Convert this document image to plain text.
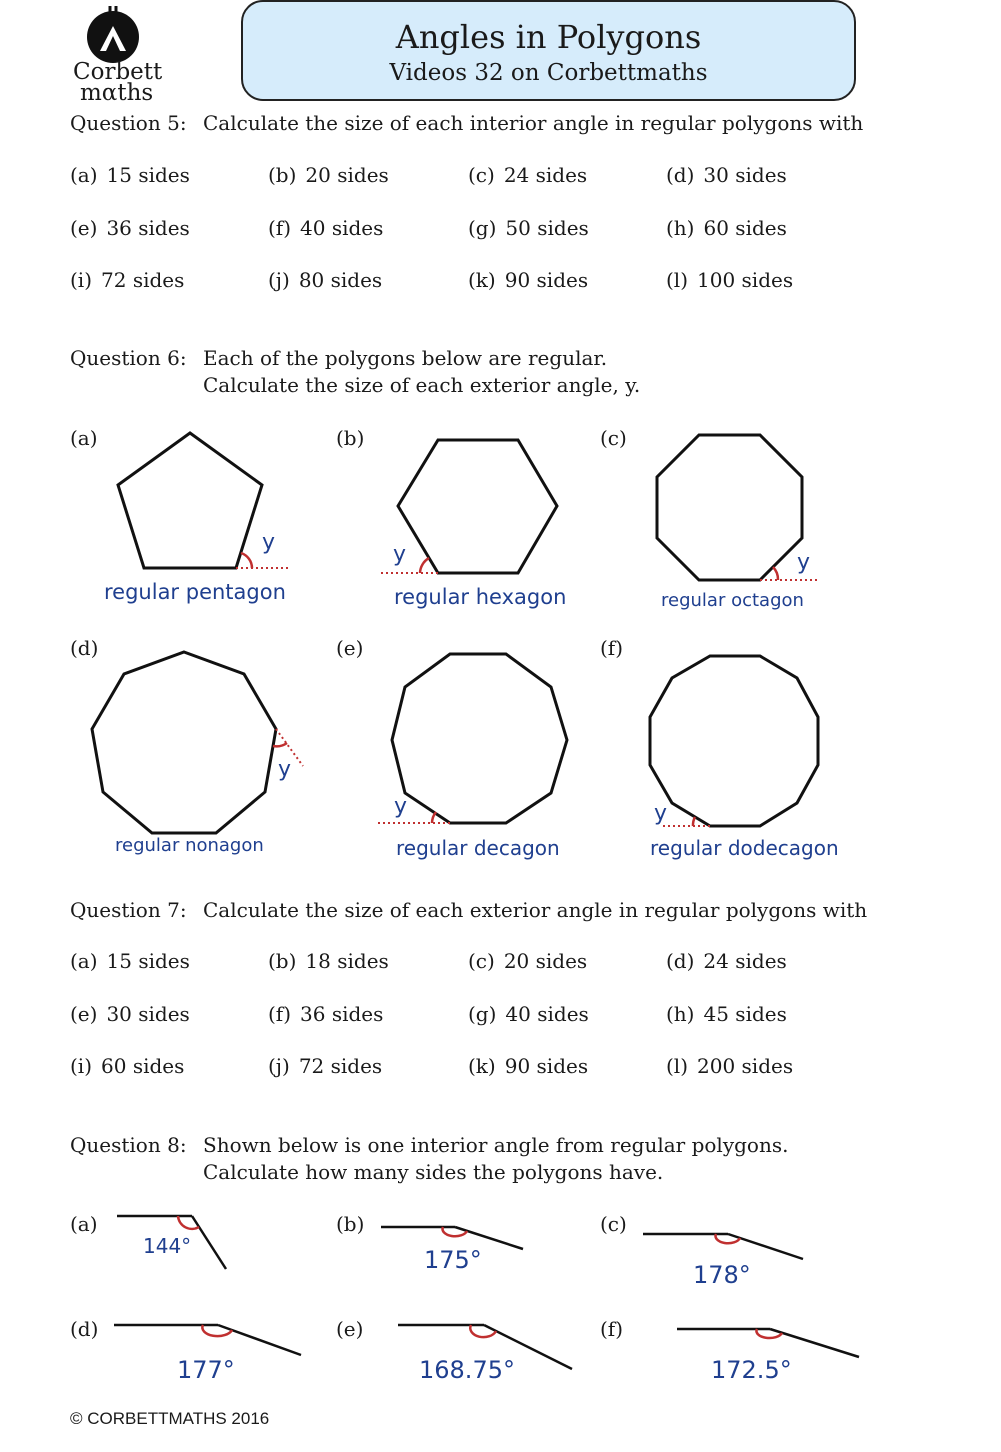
Corbett
mαths
Angles in Polygons
Videos 32 on Corbettmaths
Question 5: Calculate the size of each interior angle in regular polygons with
(a) 15 sides	(b) 20 sides	(c) 24 sides	(d) 30 sides
(e) 36 sides	(f) 40 sides	(g) 50 sides	(h) 60 sides
(i) 72 sides	(j) 80 sides	(k) 90 sides	(l) 100 sides
Question 6: Each of the polygons below are regular.
Calculate the size of each exterior angle, y.
(a)	(b)	(c)
(d)	(e)	(f)
y	y	y
y
y	y
regular pentagon	regular hexagon	regular octagon
regular nonagon	regular decagon	regular dodecagon
Question 7: Calculate the size of each exterior angle in regular polygons with
(a) 15 sides	(b) 18 sides	(c) 20 sides	(d) 24 sides
(e) 30 sides	(f) 36 sides	(g) 40 sides	(h) 45 sides
(i) 60 sides	(j) 72 sides	(k) 90 sides	(l) 200 sides
Question 8: Shown below is one interior angle from regular polygons.
Calculate how many sides the polygons have.
(a)	(b)	(c)
(d)	(e)	(f)
144°	175°
178°
177°	168.75°	172.5°
© CORBETTMATHS 2016
